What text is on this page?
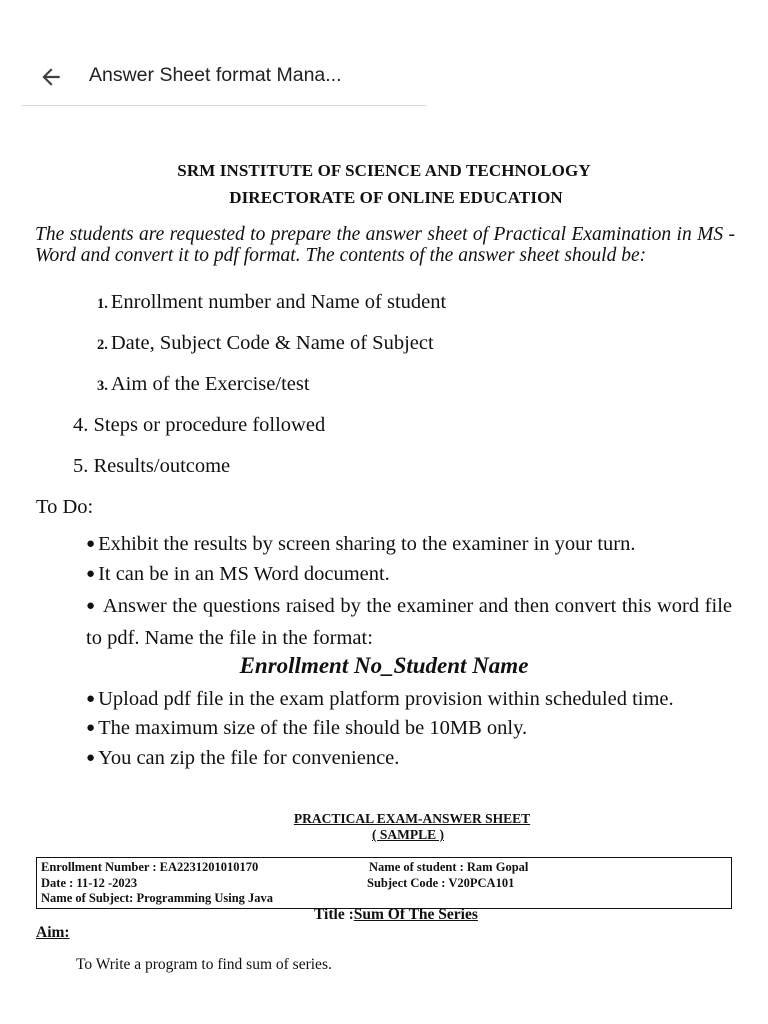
Answer Sheet format Mana...
SRM INSTITUTE OF SCIENCE AND TECHNOLOGY
DIRECTORATE OF ONLINE EDUCATION
The students are requested to prepare the answer sheet of Practical Examination in MS -Word and convert it to pdf format. The contents of the answer sheet should be:
1. Enrollment number and Name of student
2. Date, Subject Code & Name of Subject
3. Aim of the Exercise/test
4. Steps or procedure followed
5. Results/outcome
To Do:
● Exhibit the results by screen sharing to the examiner in your turn.
● It can be in an MS Word document.
● Answer the questions raised by the examiner and then convert this word file to pdf. Name the file in the format:
Enrollment No_Student Name
● Upload pdf file in the exam platform provision within scheduled time.
● The maximum size of the file should be 10MB only.
● You can zip the file for convenience.
PRACTICAL EXAM-ANSWER SHEET
( SAMPLE )
Enrollment Number : EA2231201010170	Name of student : Ram Gopal
Date : 11-12 -2023	Subject Code : V20PCA101
Name of Subject: Programming Using Java
Title :Sum Of The Series
Aim:
To Write a program to find sum of series.
